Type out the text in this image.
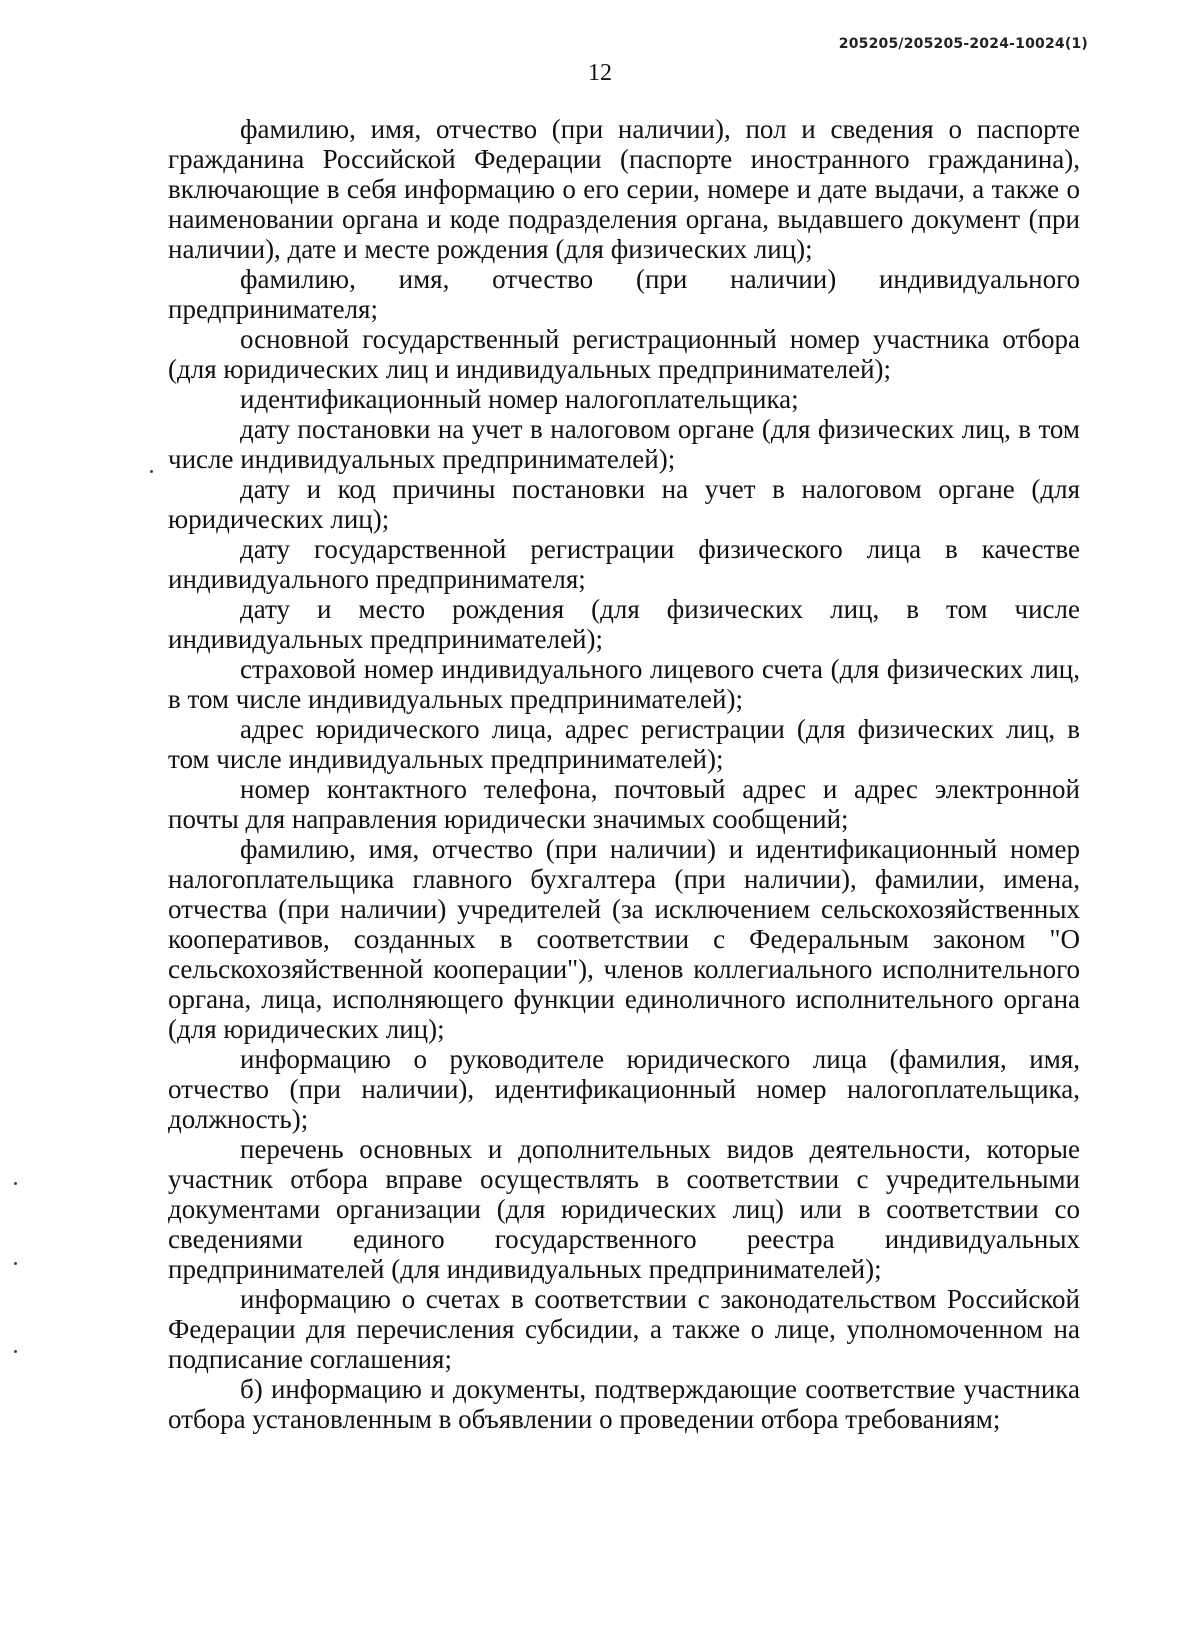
205205/205205-2024-10024(1)
12

фамилию, имя, отчество (при наличии), пол и сведения о паспорте гражданина Российской Федерации (паспорте иностранного гражданина), включающие в себя информацию о его серии, номере и дате выдачи, а также о наименовании органа и коде подразделения органа, выдавшего документ (при наличии), дате и месте рождения (для физических лиц);

фамилию, имя, отчество (при наличии) индивидуального предпринимателя;

основной государственный регистрационный номер участника отбора (для юридических лиц и индивидуальных предпринимателей);

идентификационный номер налогоплательщика;

дату постановки на учет в налоговом органе (для физических лиц, в том числе индивидуальных предпринимателей);

дату и код причины постановки на учет в налоговом органе (для юридических лиц);

дату государственной регистрации физического лица в качестве индивидуального предпринимателя;

дату и место рождения (для физических лиц, в том числе индивидуальных предпринимателей);

страховой номер индивидуального лицевого счета (для физических лиц, в том числе индивидуальных предпринимателей);

адрес юридического лица, адрес регистрации (для физических лиц, в том числе индивидуальных предпринимателей);

номер контактного телефона, почтовый адрес и адрес электронной почты для направления юридически значимых сообщений;

фамилию, имя, отчество (при наличии) и идентификационный номер налогоплательщика главного бухгалтера (при наличии), фамилии, имена, отчества (при наличии) учредителей (за исключением сельскохозяйственных кооперативов, созданных в соответствии с Федеральным законом "О сельскохозяйственной кооперации"), членов коллегиального исполнительного органа, лица, исполняющего функции единоличного исполнительного органа (для юридических лиц);

информацию о руководителе юридического лица (фамилия, имя, отчество (при наличии), идентификационный номер налогоплательщика, должность);

перечень основных и дополнительных видов деятельности, которые участник отбора вправе осуществлять в соответствии с учредительными документами организации (для юридических лиц) или в соответствии со сведениями единого государственного реестра индивидуальных предпринимателей (для индивидуальных предпринимателей);

информацию о счетах в соответствии с законодательством Российской Федерации для перечисления субсидии, а также о лице, уполномоченном на подписание соглашения;

б) информацию и документы, подтверждающие соответствие участника отбора установленным в объявлении о проведении отбора требованиям;
